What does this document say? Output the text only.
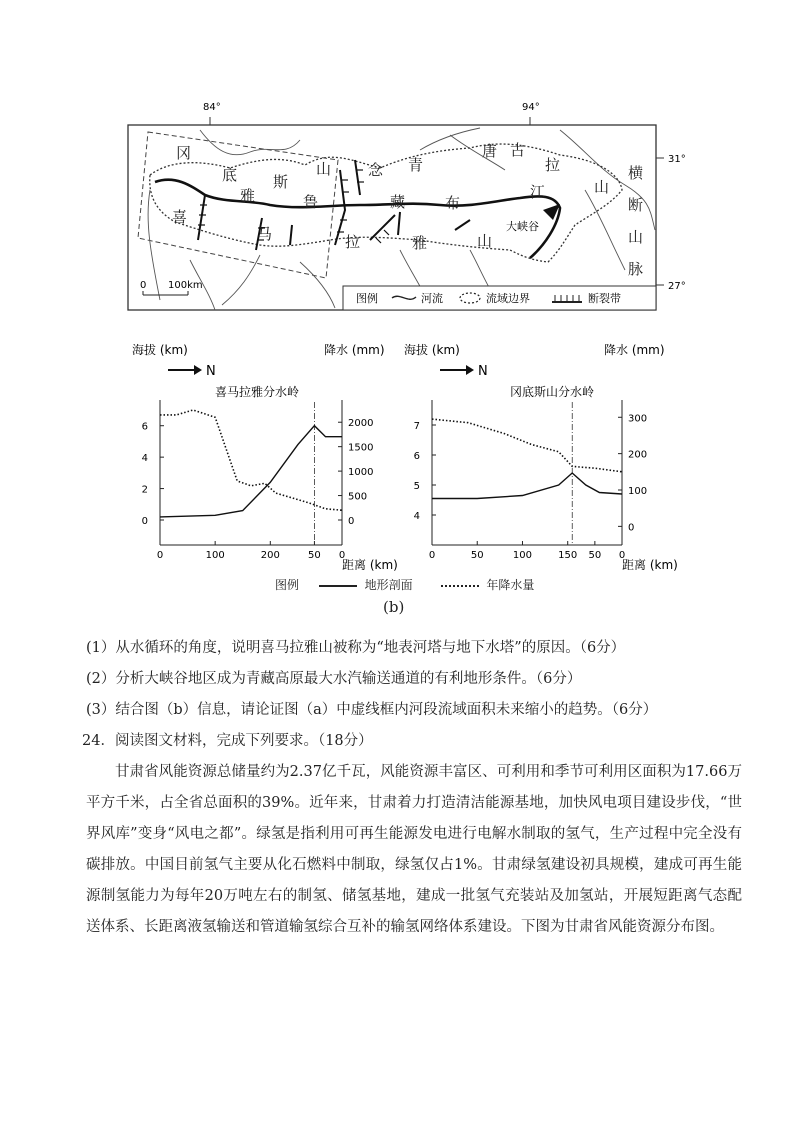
84°	94°
31°
27°
冈
底 斯
山 念 青
唐 古
拉
山
雅	鲁	藏	布
江
喜
马	拉	雅	山
横
断
山
脉
大峡谷
0 100km
图例	河流	流域边界	断裂带
海拔 (km)	降水 (mm)
距离 (km)
N
喜马拉雅分水岭
0
2
4
6
0
500
1000
1500
2000
0	100	200	50 0
海拔 (km)	降水 (mm)
距离 (km)
N
冈底斯山分水岭
4
5
6
7
0
100
200
300
0	50	100	150 50 0
图例	地形剖面	年降水量
(b)
(1）从水循环的角度，说明喜马拉雅山被称为“地表河塔与地下水塔”的原因。（6分）
(2）分析大峡谷地区成为青藏高原最大水汽输送通道的有利地形条件。（6分）
(3）结合图（b）信息，请论证图（a）中虚线框内河段流域面积未来缩小的趋势。（6分）
24．阅读图文材料，完成下列要求。（18分）
甘肃省风能资源总储量约为2.37亿千瓦，风能资源丰富区、可利用和季节可利用区面积为17.66万平方千米，占全省总面积的39%。近年来，甘肃着力打造清洁能源基地，加快风电项目建设步伐，“世界风库”变身“风电之都”。绿氢是指利用可再生能源发电进行电解水制取的氢气，生产过程中完全没有碳排放。中国目前氢气主要从化石燃料中制取，绿氢仅占1%。甘肃绿氢建设初具规模，建成可再生能源制氢能力为每年20万吨左右的制氢、储氢基地，建成一批氢气充装站及加氢站，开展短距离气态配送体系、长距离液氢输送和管道输氢综合互补的输氢网络体系建设。下图为甘肃省风能资源分布图。
